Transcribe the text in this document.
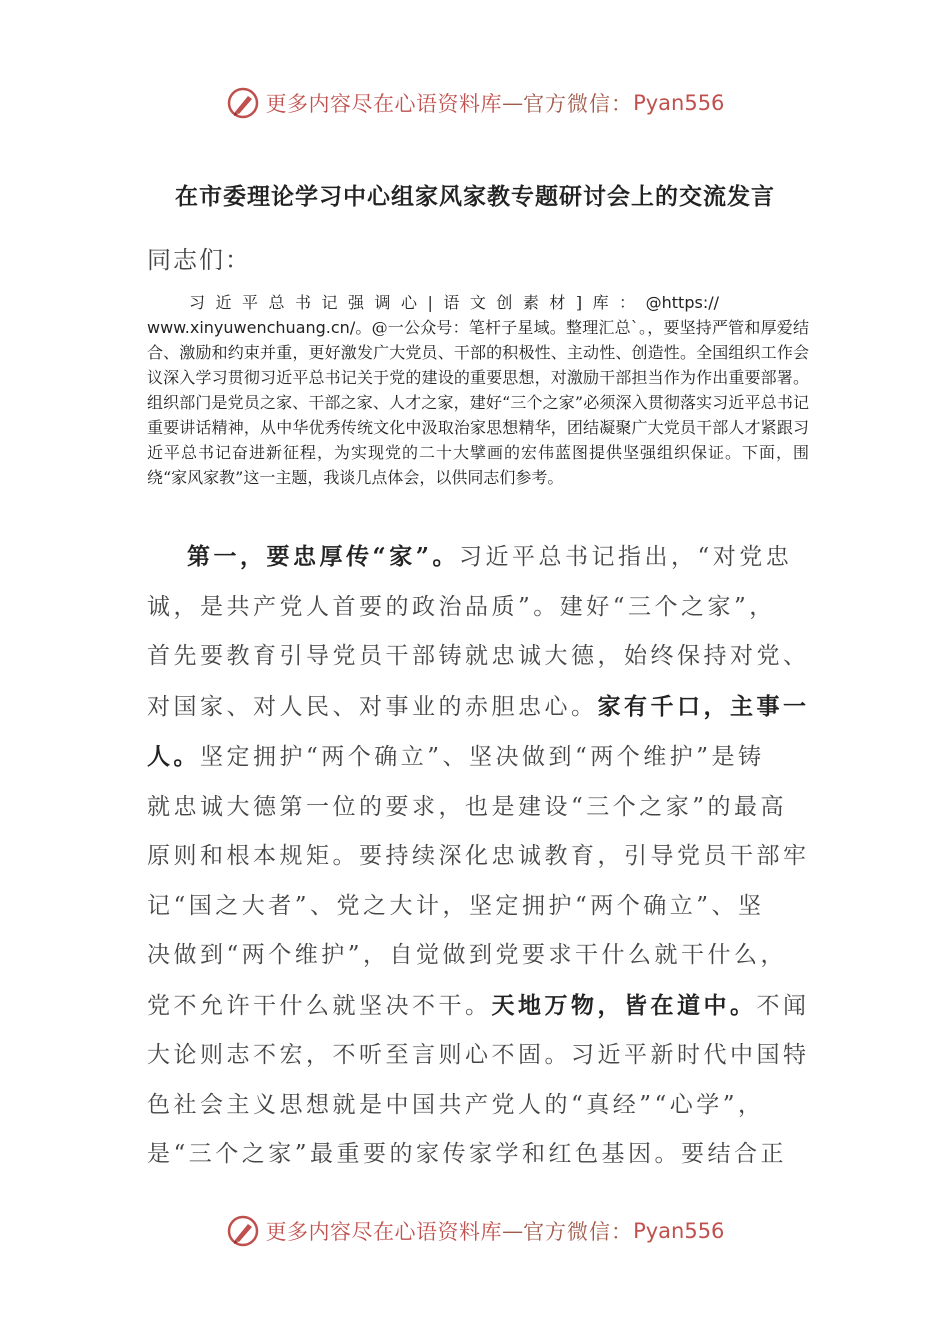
更多内容尽在心语资料库 — 官方微信： Pyan556
在市委理论学习中心组家风家教专题研讨会上的交流发言
同志们：
习近平总书记强调心|语文创素材]库：@https://
www.xinyuwenchuang.cn/。@一公众号：笔杆子星域。整理汇总`。，要坚持严管和厚爱结合、激励和约束并重，更好激发广大党员、干部的积极性、主动性、创造性。全国组织工作会议深入学习贯彻习近平总书记关于党的建设的重要思想，对激励干部担当作为作出重要部署。组织部门是党员之家、干部之家、人才之家，建好“三个之家”必须深入贯彻落实习近平总书记重要讲话精神，从中华优秀传统文化中汲取治家思想精华，团结凝聚广大党员干部人才紧跟习近平总书记奋进新征程，为实现党的二十大擘画的宏伟蓝图提供坚强组织保证。下面，围绕“家风家教”这一主题，我谈几点体会，以供同志们参考。
第一，要忠厚传“家”。习近平总书记指出，“对党忠
诚，是共产党人首要的政治品质”。建好“三个之家”，
首先要教育引导党员干部铸就忠诚大德，始终保持对党、
对国家、对人民、对事业的赤胆忠心。家有千口，主事一
人。坚定拥护“两个确立”、坚决做到“两个维护”是铸
就忠诚大德第一位的要求，也是建设“三个之家”的最高
原则和根本规矩。要持续深化忠诚教育，引导党员干部牢
记“国之大者”、党之大计，坚定拥护“两个确立”、坚
决做到“两个维护”，自觉做到党要求干什么就干什么，
党不允许干什么就坚决不干。天地万物，皆在道中。不闻
大论则志不宏，不听至言则心不固。习近平新时代中国特
色社会主义思想就是中国共产党人的“真经”“心学”，
是“三个之家”最重要的家传家学和红色基因。要结合正
更多内容尽在心语资料库 — 官方微信： Pyan556
